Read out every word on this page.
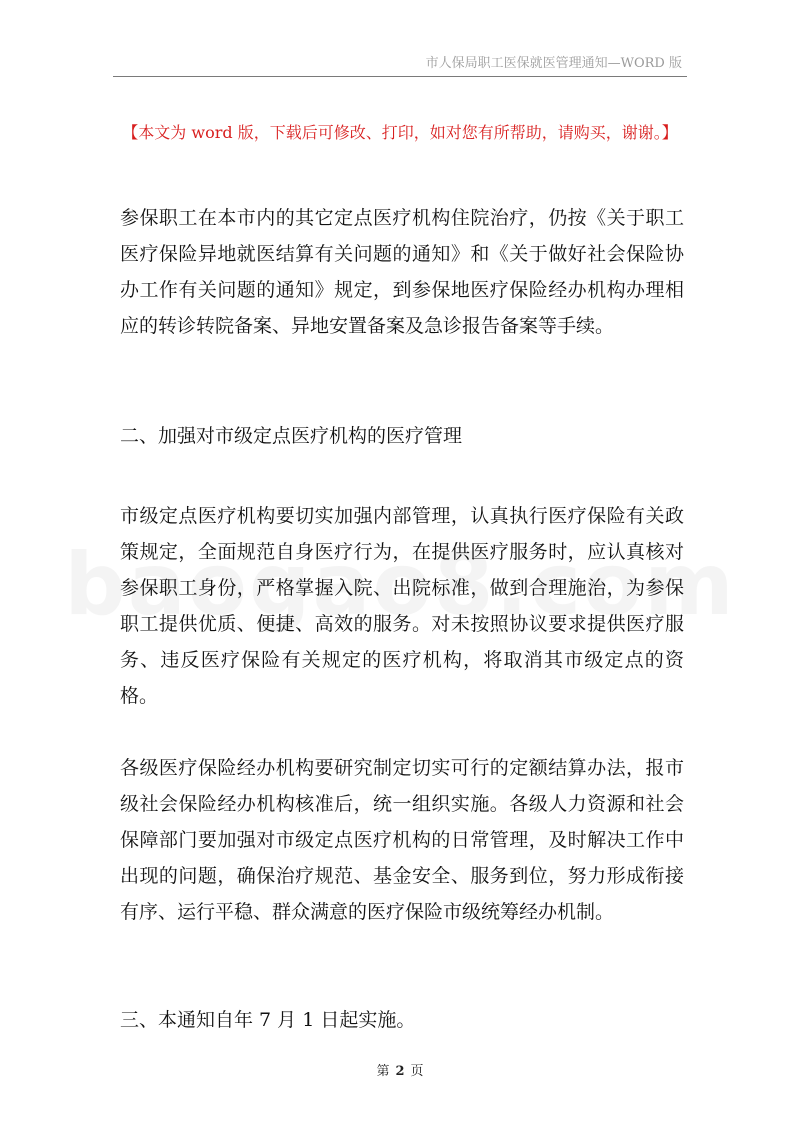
市人保局职工医保就医管理通知—WORD 版
【本文为 word 版，下载后可修改、打印，如对您有所帮助，请购买，谢谢。】

参保职工在本市内的其它定点医疗机构住院治疗，仍按《关于职工医疗保险异地就医结算有关问题的通知》和《关于做好社会保险协办工作有关问题的通知》规定，到参保地医疗保险经办机构办理相应的转诊转院备案、异地安置备案及急诊报告备案等手续。

二、加强对市级定点医疗机构的医疗管理

市级定点医疗机构要切实加强内部管理，认真执行医疗保险有关政策规定，全面规范自身医疗行为，在提供医疗服务时，应认真核对参保职工身份，严格掌握入院、出院标准，做到合理施治，为参保职工提供优质、便捷、高效的服务。对未按照协议要求提供医疗服务、违反医疗保险有关规定的医疗机构，将取消其市级定点的资格。

各级医疗保险经办机构要研究制定切实可行的定额结算办法，报市级社会保险经办机构核准后，统一组织实施。各级人力资源和社会保障部门要加强对市级定点医疗机构的日常管理，及时解决工作中出现的问题，确保治疗规范、基金安全、服务到位，努力形成衔接有序、运行平稳、群众满意的医疗保险市级统筹经办机制。

三、本通知自年 7 月 1 日起实施。

第 2 页
